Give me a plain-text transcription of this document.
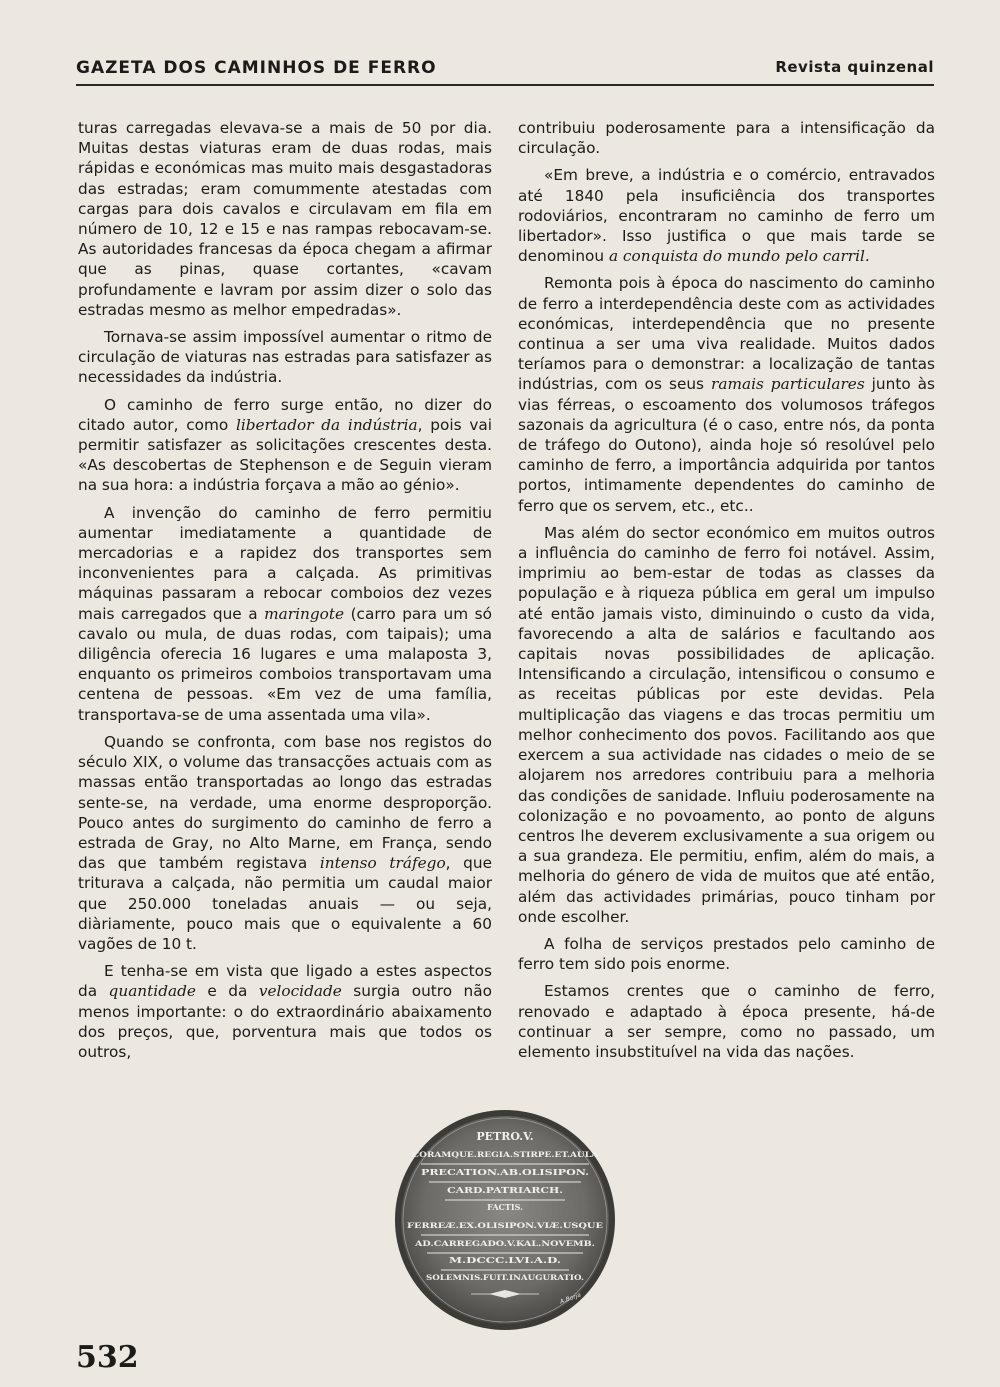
GAZETA DOS CAMINHOS DE FERRO	Revista quinzenal

turas carregadas elevava-se a mais de 50 por dia. Muitas destas viaturas eram de duas rodas, mais rápidas e económicas mas muito mais desgastadoras das estradas; eram comummente atestadas com cargas para dois cavalos e circulavam em fila em número de 10, 12 e 15 e nas rampas rebocavam-se. As autoridades francesas da época chegam a afirmar que as pinas, quase cortantes, «cavam profundamente e lavram por assim dizer o solo das estradas mesmo as melhor empedradas».

Tornava-se assim impossível aumentar o ritmo de circulação de viaturas nas estradas para satisfazer as necessidades da indústria.

O caminho de ferro surge então, no dizer do citado autor, como libertador da indústria, pois vai permitir satisfazer as solicitações crescentes desta. «As descobertas de Stephenson e de Seguin vieram na sua hora: a indústria forçava a mão ao génio».

A invenção do caminho de ferro permitiu aumentar imediatamente a quantidade de mercadorias e a rapidez dos transportes sem inconvenientes para a calçada. As primitivas máquinas passaram a rebocar comboios dez vezes mais carregados que a maringote (carro para um só cavalo ou mula, de duas rodas, com taipais); uma diligência oferecia 16 lugares e uma malaposta 3, enquanto os primeiros comboios transportavam uma centena de pessoas. «Em vez de uma família, transportava-se de uma assentada uma vila».

Quando se confronta, com base nos registos do século XIX, o volume das transacções actuais com as massas então transportadas ao longo das estradas sente-se, na verdade, uma enorme desproporção. Pouco antes do surgimento do caminho de ferro a estrada de Gray, no Alto Marne, em França, sendo das que também registava intenso tráfego, que triturava a calçada, não permitia um caudal maior que 250.000 toneladas anuais — ou seja, diàriamente, pouco mais que o equivalente a 60 vagões de 10 t.

E tenha-se em vista que ligado a estes aspectos da quantidade e da velocidade surgia outro não menos importante: o do extraordinário abaixamento dos preços, que, porventura mais que todos os outros,

contribuiu poderosamente para a intensificação da circulação.

«Em breve, a indústria e o comércio, entravados até 1840 pela insuficiência dos transportes rodoviários, encontraram no caminho de ferro um libertador». Isso justifica o que mais tarde se denominou a conquista do mundo pelo carril.

Remonta pois à época do nascimento do caminho de ferro a interdependência deste com as actividades económicas, interdependência que no presente continua a ser uma viva realidade. Muitos dados teríamos para o demonstrar: a localização de tantas indústrias, com os seus ramais particulares junto às vias férreas, o escoamento dos volumosos tráfegos sazonais da agricultura (é o caso, entre nós, da ponta de tráfego do Outono), ainda hoje só resolúvel pelo caminho de ferro, a importância adquirida por tantos portos, intimamente dependentes do caminho de ferro que os servem, etc., etc..

Mas além do sector económico em muitos outros a influência do caminho de ferro foi notável. Assim, imprimiu ao bem-estar de todas as classes da população e à riqueza pública em geral um impulso até então jamais visto, diminuindo o custo da vida, favorecendo a alta de salários e facultando aos capitais novas possibilidades de aplicação. Intensificando a circulação, intensificou o consumo e as receitas públicas por este devidas. Pela multiplicação das viagens e das trocas permitiu um melhor conhecimento dos povos. Facilitando aos que exercem a sua actividade nas cidades o meio de se alojarem nos arredores contribuiu para a melhoria das condições de sanidade. Influiu poderosamente na colonização e no povoamento, ao ponto de alguns centros lhe deverem exclusivamente a sua origem ou a sua grandeza. Ele permitiu, enfim, além do mais, a melhoria do género de vida de muitos que até então, além das actividades primárias, pouco tinham por onde escolher.

A folha de serviços prestados pelo caminho de ferro tem sido pois enorme.

Estamos crentes que o caminho de ferro, renovado e adaptado à época presente, há-de continuar a ser sempre, como no passado, um elemento insubstituível na vida das nações.

PETRO.V.
CORAMQUE.REGIA.STIRPE.ET.AULA
PRECATION.AB.OLISIPON.
CARD.PATRIARCH.
FACTIS.
FERREÆ.EX.OLISIPON.VIÆ.USQUE
AD.CARREGADO.V.KAL.NOVEMB.
M.DCCC.LVI.A.D.
SOLEMNIS.FUIT.INAUGURATIO.
A.Borja
532
